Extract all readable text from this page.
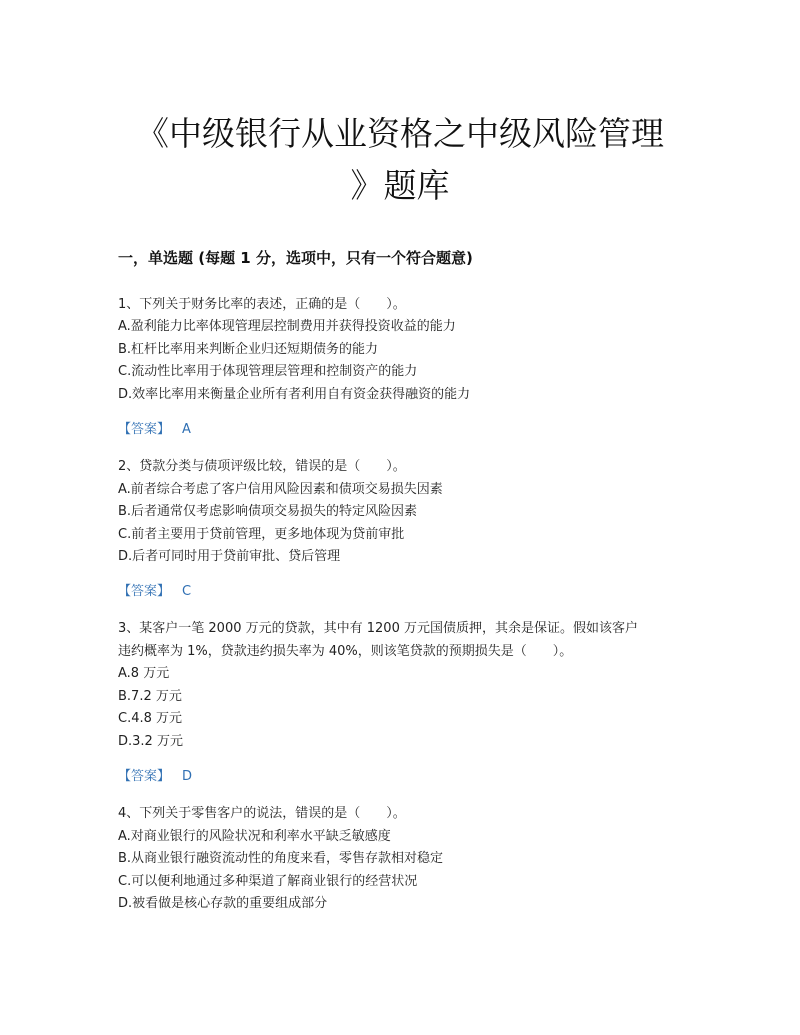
《中级银行从业资格之中级风险管理
》题库
一，单选题 (每题 1 分，选项中，只有一个符合题意)
1、下列关于财务比率的表述，正确的是（　　）。
A.盈利能力比率体现管理层控制费用并获得投资收益的能力
B.杠杆比率用来判断企业归还短期债务的能力
C.流动性比率用于体现管理层管理和控制资产的能力
D.效率比率用来衡量企业所有者利用自有资金获得融资的能力
【答案】 A
2、贷款分类与债项评级比较，错误的是（　　）。
A.前者综合考虑了客户信用风险因素和债项交易损失因素
B.后者通常仅考虑影响债项交易损失的特定风险因素
C.前者主要用于贷前管理，更多地体现为贷前审批
D.后者可同时用于贷前审批、贷后管理
【答案】 C
3、某客户一笔 2000 万元的贷款，其中有 1200 万元国债质押，其余是保证。假如该客户
违约概率为 1%，贷款违约损失率为 40%，则该笔贷款的预期损失是（　　）。
A.8 万元
B.7.2 万元
C.4.8 万元
D.3.2 万元
【答案】 D
4、下列关于零售客户的说法，错误的是（　　）。
A.对商业银行的风险状况和利率水平缺乏敏感度
B.从商业银行融资流动性的角度来看，零售存款相对稳定
C.可以便利地通过多种渠道了解商业银行的经营状况
D.被看做是核心存款的重要组成部分
